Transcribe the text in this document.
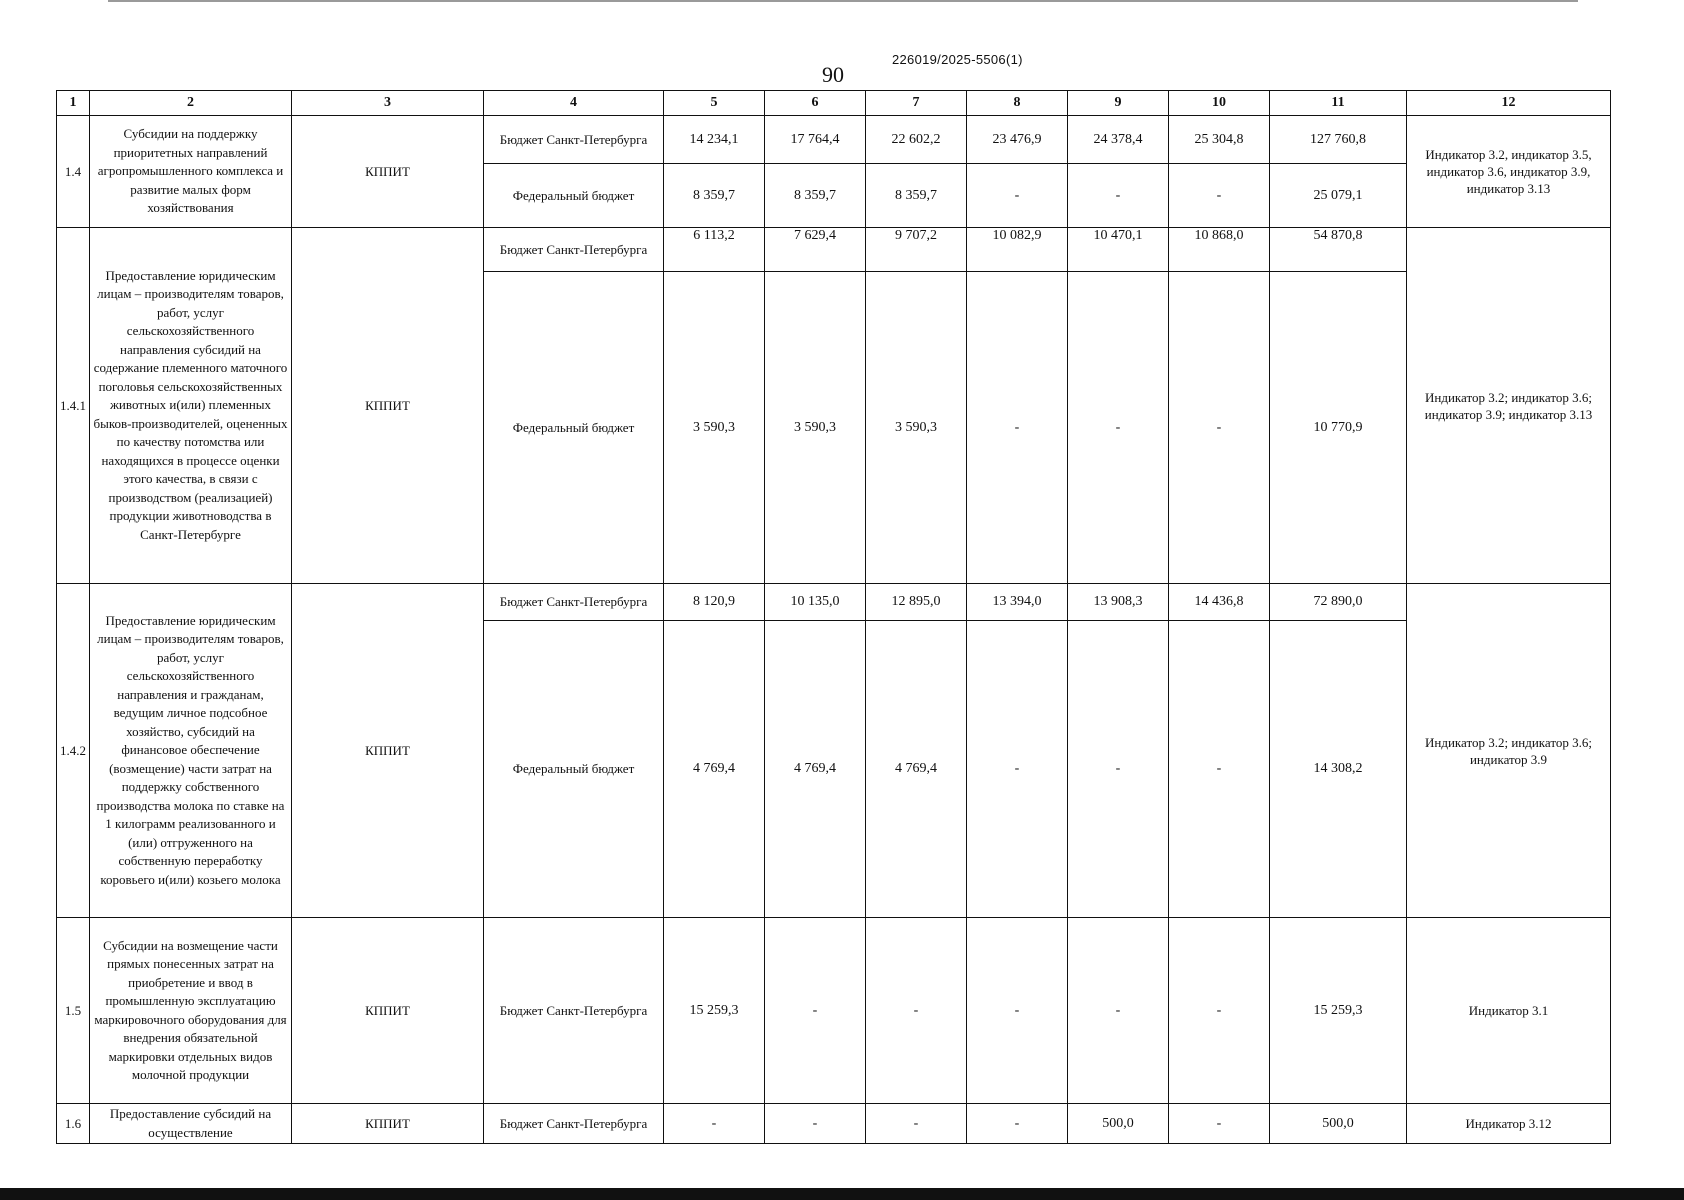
226019/2025-5506(1)
90
1	2	3	4	5	6	7	8	9	10	11	12
1.4	Субсидии на поддержку приоритетных направлений агропромышленного комплекса и развитие малых форм хозяйствования	КППИТ	Бюджет Санкт-Петербурга	14 234,1	17 764,4	22 602,2	23 476,9	24 378,4	25 304,8	127 760,8	Индикатор 3.2, индикатор 3.5, индикатор 3.6, индикатор 3.9, индикатор 3.13
			Федеральный бюджет	8 359,7	8 359,7	8 359,7	-	-	-	25 079,1	
1.4.1	Предоставление юридическим лицам – производителям товаров, работ, услуг сельскохозяйственного направления субсидий на содержание племенного маточного поголовья сельскохозяйственных животных и(или) племенных быков-производителей, оцененных по качеству потомства или находящихся в процессе оценки этого качества, в связи с производством (реализацией) продукции животноводства в Санкт-Петербурге	КППИТ	Бюджет Санкт-Петербурга	6 113,2	7 629,4	9 707,2	10 082,9	10 470,1	10 868,0	54 870,8	Индикатор 3.2; индикатор 3.6; индикатор 3.9; индикатор 3.13
			Федеральный бюджет	3 590,3	3 590,3	3 590,3	-	-	-	10 770,9	
1.4.2	Предоставление юридическим лицам – производителям товаров, работ, услуг сельскохозяйственного направления и гражданам, ведущим личное подсобное хозяйство, субсидий на финансовое обеспечение (возмещение) части затрат на поддержку собственного производства молока по ставке на 1 килограмм реализованного и (или) отгруженного на собственную переработку коровьего и(или) козьего молока	КППИТ	Бюджет Санкт-Петербурга	8 120,9	10 135,0	12 895,0	13 394,0	13 908,3	14 436,8	72 890,0	Индикатор 3.2; индикатор 3.6; индикатор 3.9
			Федеральный бюджет	4 769,4	4 769,4	4 769,4	-	-	-	14 308,2	
1.5	Субсидии на возмещение части прямых понесенных затрат на приобретение и ввод в промышленную эксплуатацию маркировочного оборудования для внедрения обязательной маркировки отдельных видов молочной продукции	КППИТ	Бюджет Санкт-Петербурга	15 259,3	-	-	-	-	-	15 259,3	Индикатор 3.1
1.6	Предоставление субсидий на осуществление	КППИТ	Бюджет Санкт-Петербурга	-	-	-	-	500,0	-	500,0	Индикатор 3.12
